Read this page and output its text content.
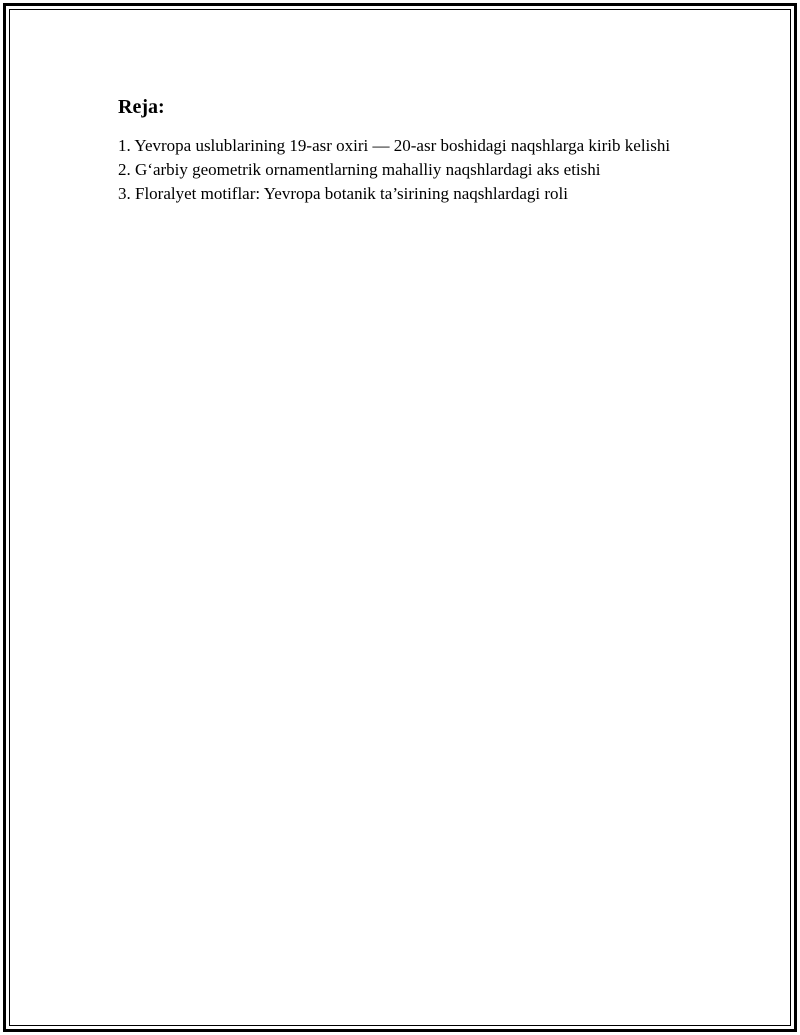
Reja:
1. Yevropa uslublarining 19-asr oxiri — 20-asr boshidagi naqshlarga kirib kelishi
2. G‘arbiy geometrik ornamentlarning mahalliy naqshlardagi aks etishi
3. Floralyet motiflar: Yevropa botanik ta’sirining naqshlardagi roli
